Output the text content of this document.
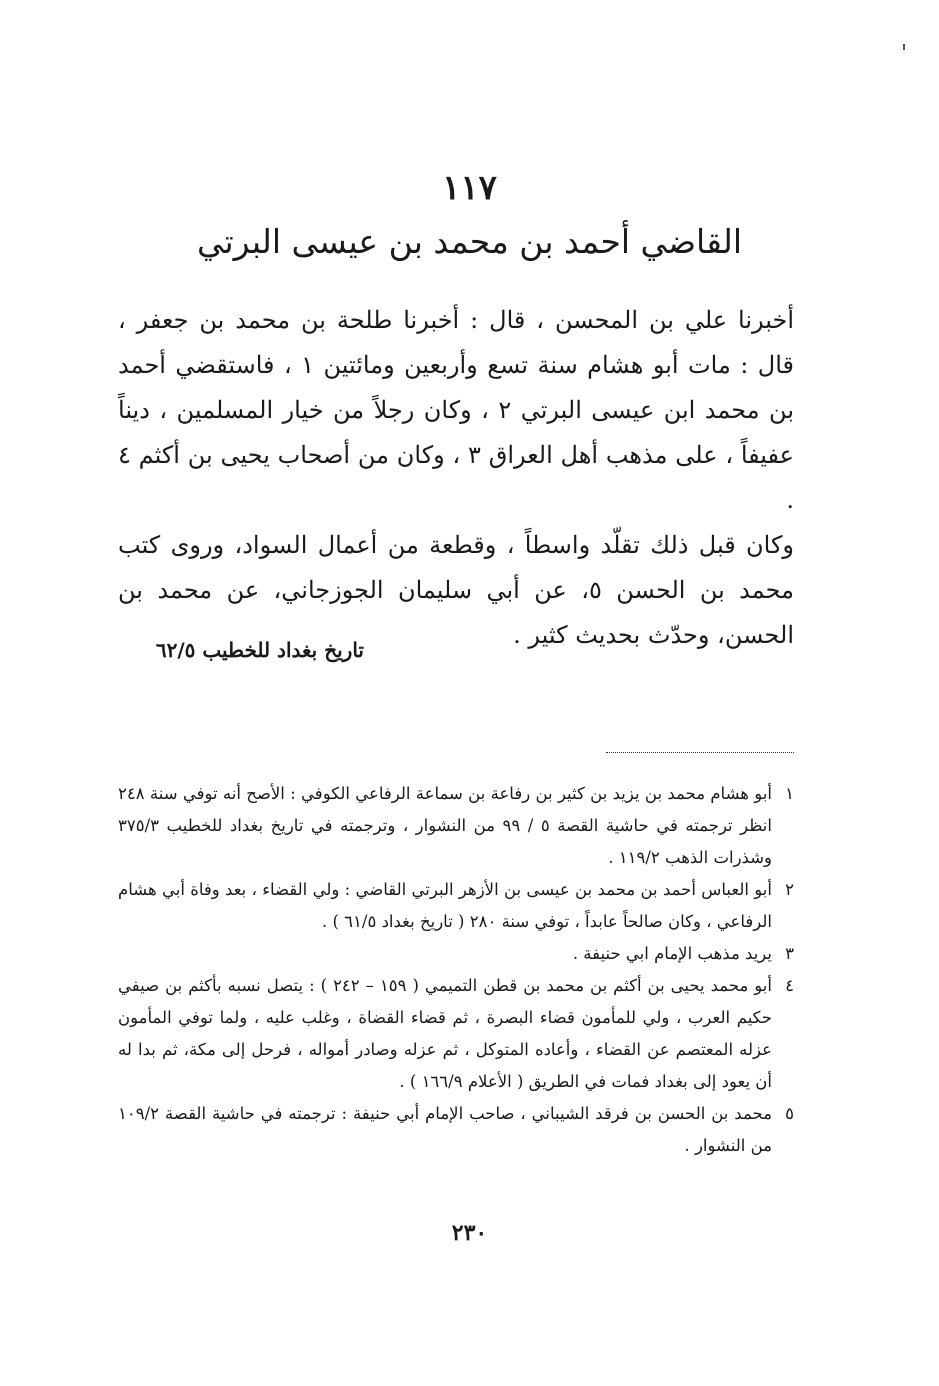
١١٧
القاضي أحمد بن محمد بن عيسى البرتي

أخبرنا علي بن المحسن ، قال : أخبرنا طلحة بن محمد بن جعفر ، قال : مات أبو هشام سنة تسع وأربعين ومائتين ١ ، فاستقضي أحمد بن محمد ابن عيسى البرتي ٢ ، وكان رجلاً من خيار المسلمين ، ديناً عفيفاً ، على مذهب أهل العراق ٣ ، وكان من أصحاب يحيى بن أكثم ٤ .

وكان قبل ذلك تقلّد واسطاً ، وقطعة من أعمال السواد، وروى كتب محمد بن الحسن ٥، عن أبي سليمان الجوزجاني، عن محمد بن الحسن، وحدّث بحديث كثير .

تاريخ بغداد للخطيب ٦٢/٥
١
أبو هشام محمد بن يزيد بن كثير بن رفاعة بن سماعة الرفاعي الكوفي : الأصح أنه توفي سنة ٢٤٨ انظر ترجمته في حاشية القصة ٥ / ٩٩ من النشوار ، وترجمته في تاريخ بغداد للخطيب ٣٧٥/٣ وشذرات الذهب ١١٩/٢ .
٢
أبو العباس أحمد بن محمد بن عيسى بن الأزهر البرتي القاضي : ولي القضاء ، بعد وفاة أبي هشام الرفاعي ، وكان صالحاً عابداً ، توفي سنة ٢٨٠ ( تاريخ بغداد ٦١/٥ ) .
٣
يريد مذهب الإمام ابي حنيفة .
٤
أبو محمد يحيى بن أكثم بن محمد بن قطن التميمي ( ١٥٩ – ٢٤٢ ) : يتصل نسبه بأكثم بن صيفي حكيم العرب ، ولي للمأمون قضاء البصرة ، ثم قضاء القضاة ، وغلب عليه ، ولما توفي المأمون عزله المعتصم عن القضاء ، وأعاده المتوكل ، ثم عزله وصادر أمواله ، فرحل إلى مكة، ثم بدا له أن يعود إلى بغداد فمات في الطريق ( الأعلام ١٦٦/٩ ) .
٥
محمد بن الحسن بن فرقد الشيباني ، صاحب الإمام أبي حنيفة : ترجمته في حاشية القصة ١٠٩/٢ من النشوار .
٢٣٠
